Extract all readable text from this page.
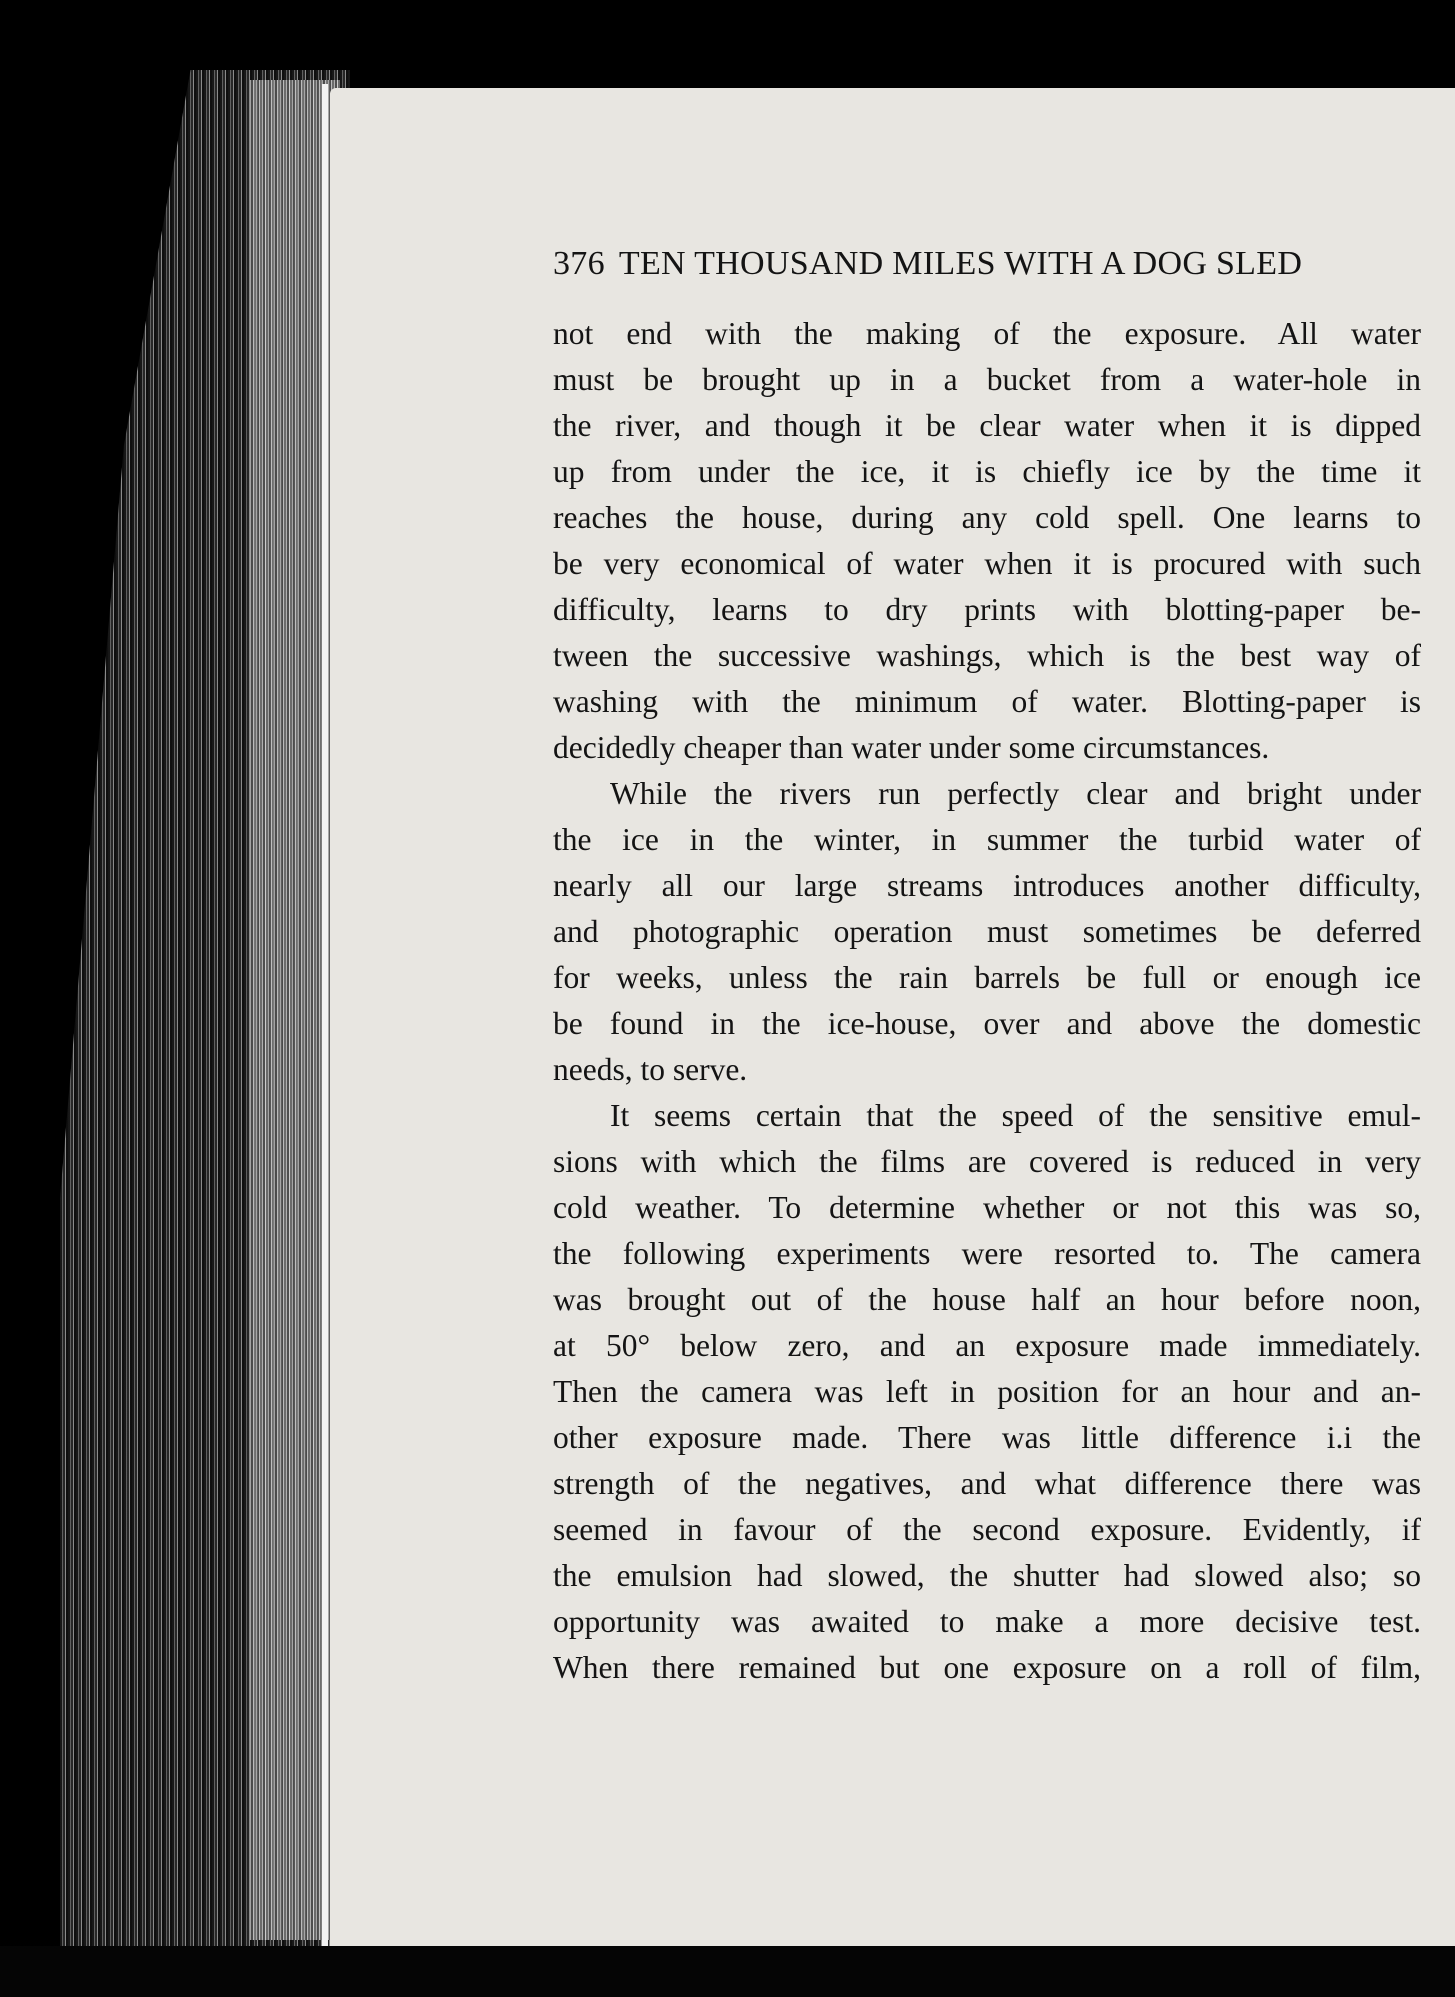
376 TEN THOUSAND MILES WITH A DOG SLED

not end with the making of the exposure. All water

must be brought up in a bucket from a water-hole in

the river, and though it be clear water when it is dipped

up from under the ice, it is chiefly ice by the time it

reaches the house, during any cold spell. One learns to

be very economical of water when it is procured with such

difficulty, learns to dry prints with blotting-paper be-

tween the successive washings, which is the best way of

washing with the minimum of water. Blotting-paper is

decidedly cheaper than water under some circumstances.

While the rivers run perfectly clear and bright under

the ice in the winter, in summer the turbid water of

nearly all our large streams introduces another difficulty,

and photographic operation must sometimes be deferred

for weeks, unless the rain barrels be full or enough ice

be found in the ice-house, over and above the domestic

needs, to serve.

It seems certain that the speed of the sensitive emul-

sions with which the films are covered is reduced in very

cold weather. To determine whether or not this was so,

the following experiments were resorted to. The camera

was brought out of the house half an hour before noon,

at 50° below zero, and an exposure made immediately.

Then the camera was left in position for an hour and an-

other exposure made. There was little difference i.i the

strength of the negatives, and what difference there was

seemed in favour of the second exposure. Evidently, if

the emulsion had slowed, the shutter had slowed also; so

opportunity was awaited to make a more decisive test.

When there remained but one exposure on a roll of film,
